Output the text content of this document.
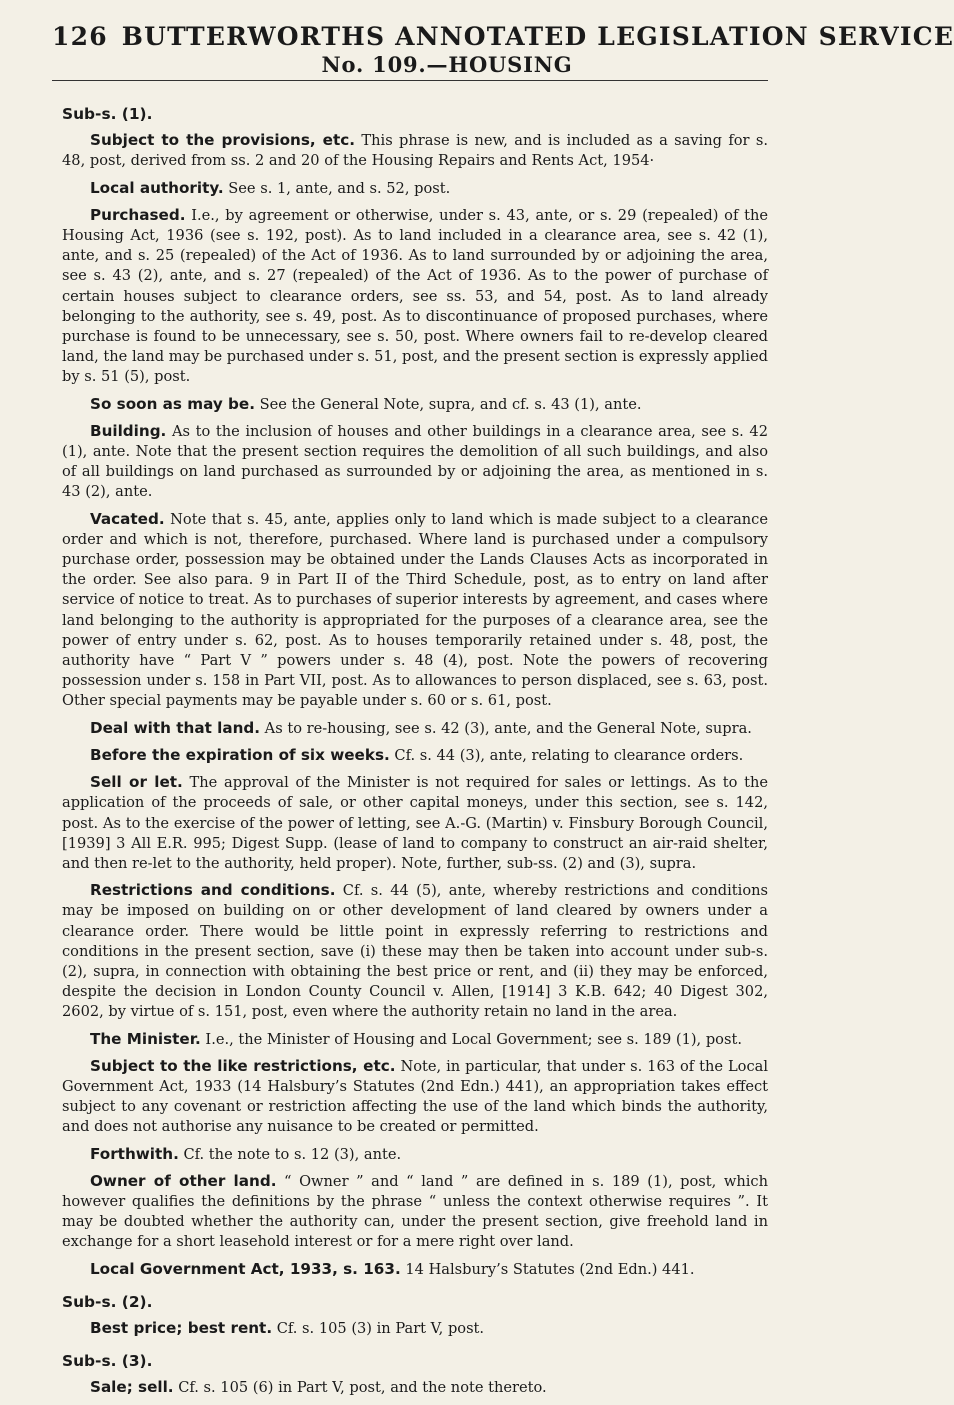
126 BUTTERWORTHS ANNOTATED LEGISLATION SERVICE
No. 109.—HOUSING
Sub-s. (1).

Subject to the provisions, etc. This phrase is new, and is included as a saving for s. 48, post, derived from ss. 2 and 20 of the Housing Repairs and Rents Act, 1954·

Local authority. See s. 1, ante, and s. 52, post.

Purchased. I.e., by agreement or otherwise, under s. 43, ante, or s. 29 (repealed) of the Housing Act, 1936 (see s. 192, post). As to land included in a clearance area, see s. 42 (1), ante, and s. 25 (repealed) of the Act of 1936. As to land surrounded by or adjoining the area, see s. 43 (2), ante, and s. 27 (repealed) of the Act of 1936. As to the power of purchase of certain houses subject to clearance orders, see ss. 53, and 54, post. As to land already belonging to the authority, see s. 49, post. As to discontinuance of proposed purchases, where purchase is found to be unnecessary, see s. 50, post. Where owners fail to re-develop cleared land, the land may be purchased under s. 51, post, and the present section is expressly applied by s. 51 (5), post.

So soon as may be. See the General Note, supra, and cf. s. 43 (1), ante.

Building. As to the inclusion of houses and other buildings in a clearance area, see s. 42 (1), ante. Note that the present section requires the demolition of all such buildings, and also of all buildings on land purchased as surrounded by or adjoining the area, as mentioned in s. 43 (2), ante.

Vacated. Note that s. 45, ante, applies only to land which is made subject to a clearance order and which is not, therefore, purchased. Where land is purchased under a compulsory purchase order, possession may be obtained under the Lands Clauses Acts as incorporated in the order. See also para. 9 in Part II of the Third Schedule, post, as to entry on land after service of notice to treat. As to purchases of superior interests by agreement, and cases where land belonging to the authority is appropriated for the purposes of a clearance area, see the power of entry under s. 62, post. As to houses temporarily retained under s. 48, post, the authority have “ Part V ” powers under s. 48 (4), post. Note the powers of recovering possession under s. 158 in Part VII, post. As to allowances to person displaced, see s. 63, post. Other special payments may be payable under s. 60 or s. 61, post.

Deal with that land. As to re-housing, see s. 42 (3), ante, and the General Note, supra.

Before the expiration of six weeks. Cf. s. 44 (3), ante, relating to clearance orders.

Sell or let. The approval of the Minister is not required for sales or lettings. As to the application of the proceeds of sale, or other capital moneys, under this section, see s. 142, post. As to the exercise of the power of letting, see A.-G. (Martin) v. Finsbury Borough Council, [1939] 3 All E.R. 995; Digest Supp. (lease of land to company to construct an air-raid shelter, and then re-let to the authority, held proper). Note, further, sub-ss. (2) and (3), supra.

Restrictions and conditions. Cf. s. 44 (5), ante, whereby restrictions and conditions may be imposed on building on or other development of land cleared by owners under a clearance order. There would be little point in expressly referring to restrictions and conditions in the present section, save (i) these may then be taken into account under sub-s. (2), supra, in connection with obtaining the best price or rent, and (ii) they may be enforced, despite the decision in London County Council v. Allen, [1914] 3 K.B. 642; 40 Digest 302, 2602, by virtue of s. 151, post, even where the authority retain no land in the area.

The Minister. I.e., the Minister of Housing and Local Government; see s. 189 (1), post.

Subject to the like restrictions, etc. Note, in particular, that under s. 163 of the Local Government Act, 1933 (14 Halsbury’s Statutes (2nd Edn.) 441), an appropriation takes effect subject to any covenant or restriction affecting the use of the land which binds the authority, and does not authorise any nuisance to be created or permitted.

Forthwith. Cf. the note to s. 12 (3), ante.

Owner of other land. “ Owner ” and “ land ” are defined in s. 189 (1), post, which however qualifies the definitions by the phrase “ unless the context otherwise requires ”. It may be doubted whether the authority can, under the present section, give freehold land in exchange for a short leasehold interest or for a mere right over land.

Local Government Act, 1933, s. 163. 14 Halsbury’s Statutes (2nd Edn.) 441.

Sub-s. (2).

Best price; best rent. Cf. s. 105 (3) in Part V, post.

Sub-s. (3).

Sale; sell. Cf. s. 105 (6) in Part V, post, and the note thereto.
